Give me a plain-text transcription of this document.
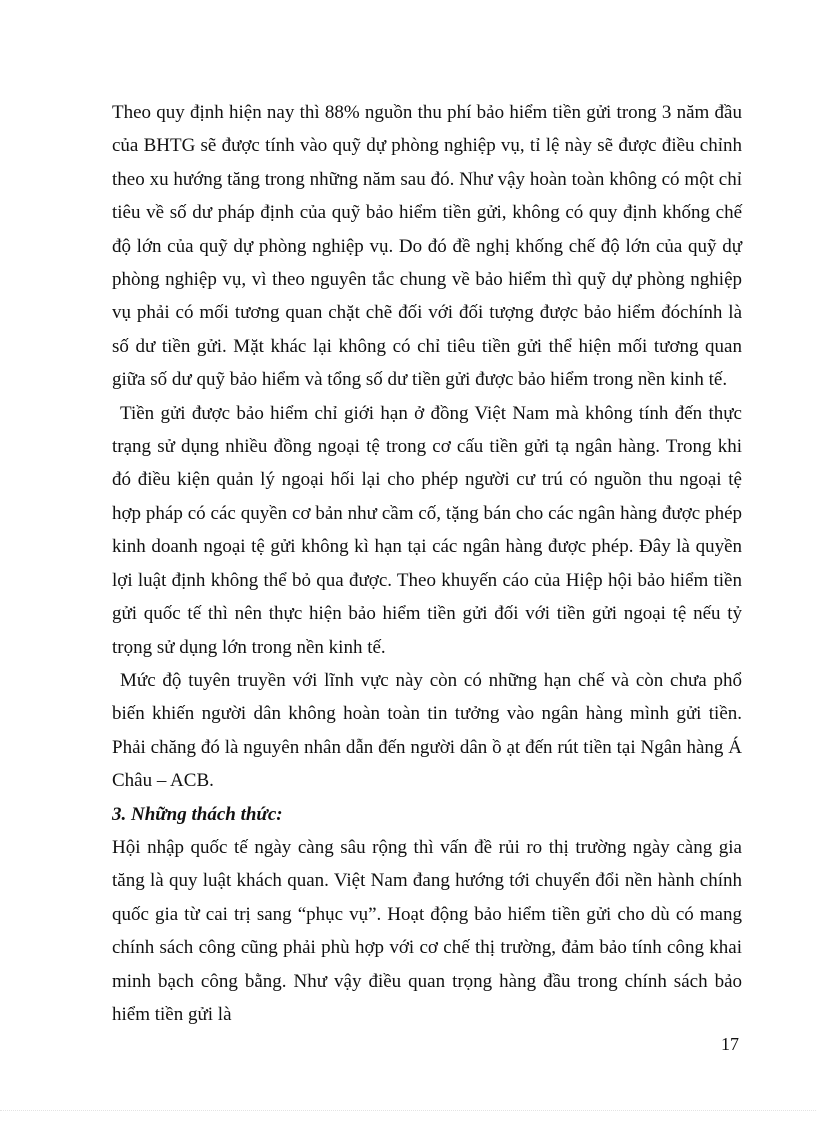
Theo quy định hiện nay thì 88% nguồn thu phí bảo hiểm tiền gửi trong 3 năm đầu của BHTG sẽ được tính vào quỹ dự phòng nghiệp vụ, tỉ lệ này sẽ được điều chỉnh theo xu hướng tăng trong những năm sau đó. Như vậy hoàn toàn không có một chỉ tiêu về số dư pháp định của quỹ bảo hiểm tiền gửi, không có quy định khống chế độ lớn của quỹ dự phòng nghiệp vụ. Do đó đề nghị khống chế độ lớn của quỹ dự phòng nghiệp vụ, vì theo nguyên tắc chung về bảo hiểm thì quỹ dự phòng nghiệp vụ phải có mối tương quan chặt chẽ đối với đối tượng được bảo hiểm đóchính là số dư tiền gửi. Mặt khác lại không có chỉ tiêu tiền gửi thể hiện mối tương quan giữa số dư quỹ bảo hiểm và tổng số dư tiền gửi được bảo hiểm trong nền kinh tế.

Tiền gửi được bảo hiểm chỉ giới hạn ở đồng Việt Nam mà không tính đến thực trạng sử dụng nhiều đồng ngoại tệ trong cơ cấu tiền gửi tạ ngân hàng. Trong khi đó điều kiện quản lý ngoại hối lại cho phép người cư trú có nguồn thu ngoại tệ hợp pháp có các quyền cơ bản như cầm cố, tặng bán cho các ngân hàng được phép kinh doanh ngoại tệ gửi không kì hạn tại các ngân hàng được phép. Đây là quyền lợi luật định không thể bỏ qua được. Theo khuyến cáo của Hiệp hội bảo hiểm tiền gửi quốc tế thì nên thực hiện bảo hiểm tiền gửi đối với tiền gửi ngoại tệ nếu tỷ trọng sử dụng lớn trong nền kinh tế.

Mức độ tuyên truyền với lĩnh vực này còn có những hạn chế và còn chưa phổ biến khiến người dân không hoàn toàn tin tưởng vào ngân hàng mình gửi tiền. Phải chăng đó là nguyên nhân dẫn đến người dân ồ ạt đến rút tiền tại Ngân hàng Á Châu – ACB.

3. Những thách thức:

Hội nhập quốc tế ngày càng sâu rộng thì vấn đề rủi ro thị trường ngày càng gia tăng là quy luật khách quan. Việt Nam đang hướng tới chuyển đổi nền hành chính quốc gia từ cai trị sang “phục vụ”. Hoạt động bảo hiểm tiền gửi cho dù có mang chính sách công cũng phải phù hợp với cơ chế thị trường, đảm bảo tính công khai minh bạch công bằng. Như vậy điều quan trọng hàng đầu trong chính sách bảo hiểm tiền gửi là

17
